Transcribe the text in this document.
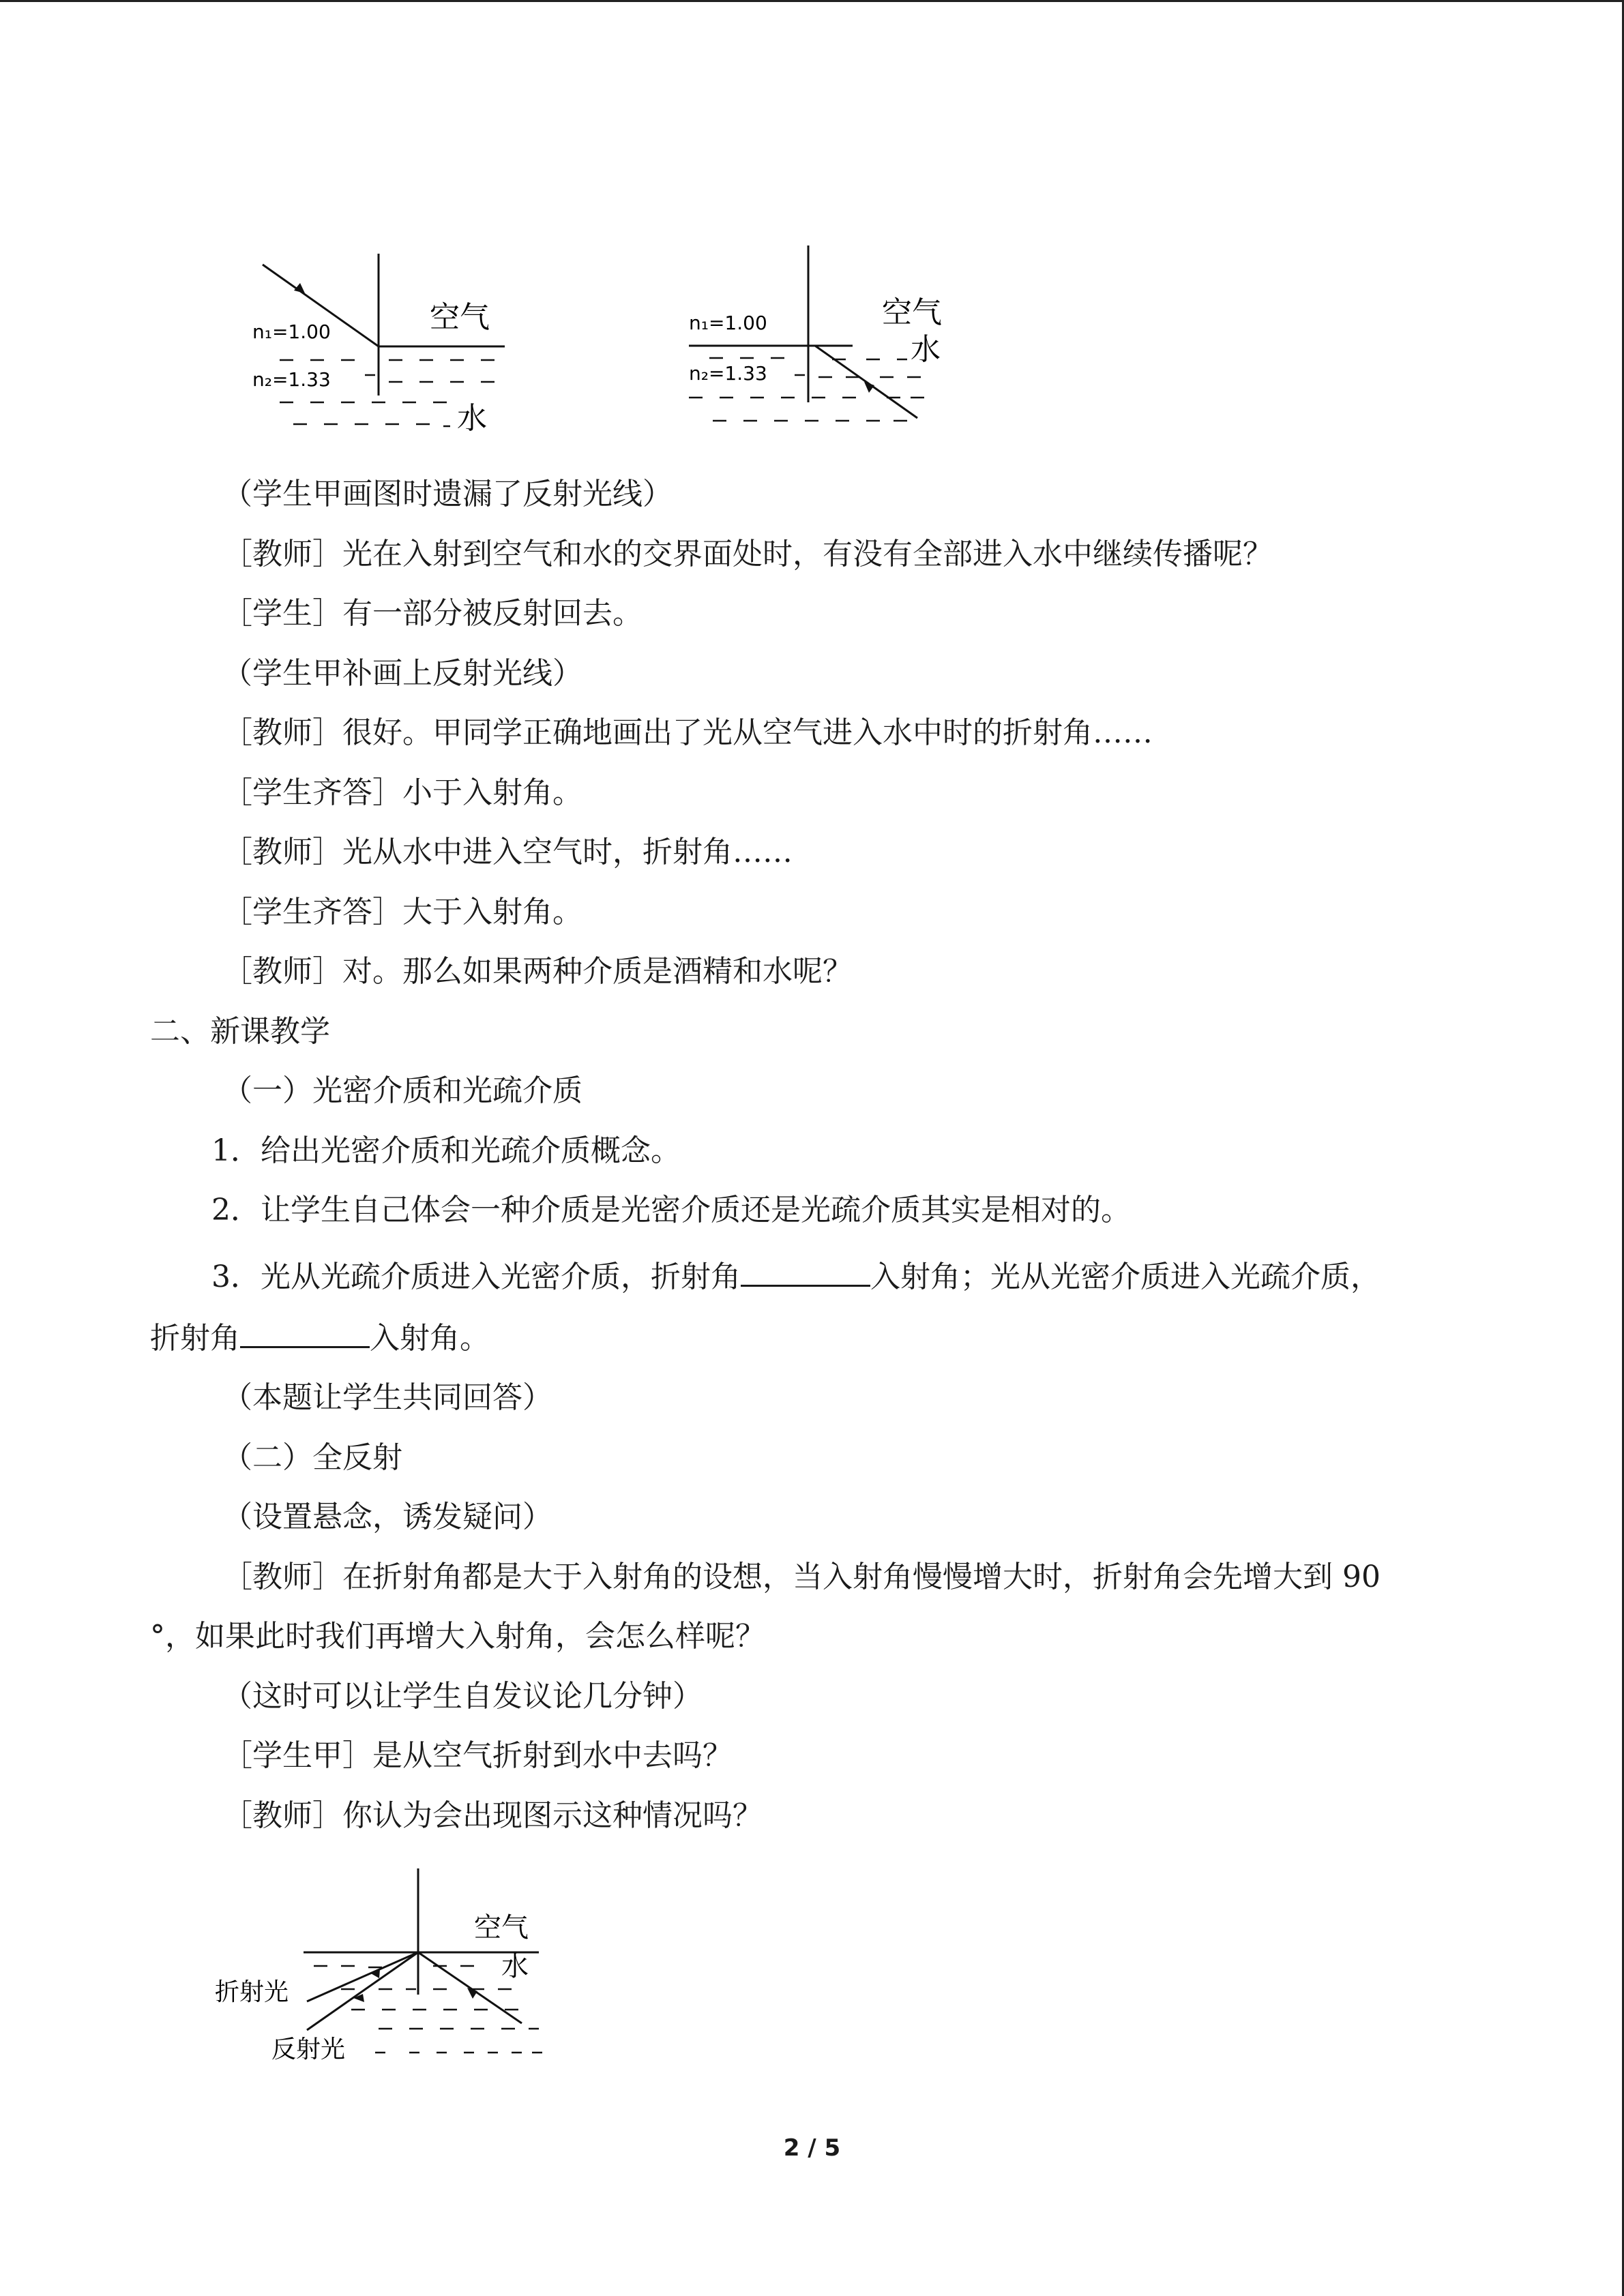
n₁=1.00
n₂=1.33
空气
水
n₁=1.00
n₂=1.33
空气
水
（学生甲画图时遗漏了反射光线）
［教师］光在入射到空气和水的交界面处时，有没有全部进入水中继续传播呢？
［学生］有一部分被反射回去。
（学生甲补画上反射光线）
［教师］很好。甲同学正确地画出了光从空气进入水中时的折射角……
［学生齐答］小于入射角。
［教师］光从水中进入空气时，折射角……
［学生齐答］大于入射角。
［教师］对。那么如果两种介质是酒精和水呢？
二、新课教学
（一）光密介质和光疏介质
1．给出光密介质和光疏介质概念。
2．让学生自己体会一种介质是光密介质还是光疏介质其实是相对的。
3．光从光疏介质进入光密介质，折射角	入射角；光从光密介质进入光疏介质，
折射角	入射角。
（本题让学生共同回答）
（二）全反射
（设置悬念，诱发疑问）
［教师］在折射角都是大于入射角的设想，当入射角慢慢增大时，折射角会先增大到 90
°，如果此时我们再增大入射角，会怎么样呢？
（这时可以让学生自发议论几分钟）
［学生甲］是从空气折射到水中去吗？
［教师］你认为会出现图示这种情况吗？
空气
水
折射光
反射光
2 / 5
